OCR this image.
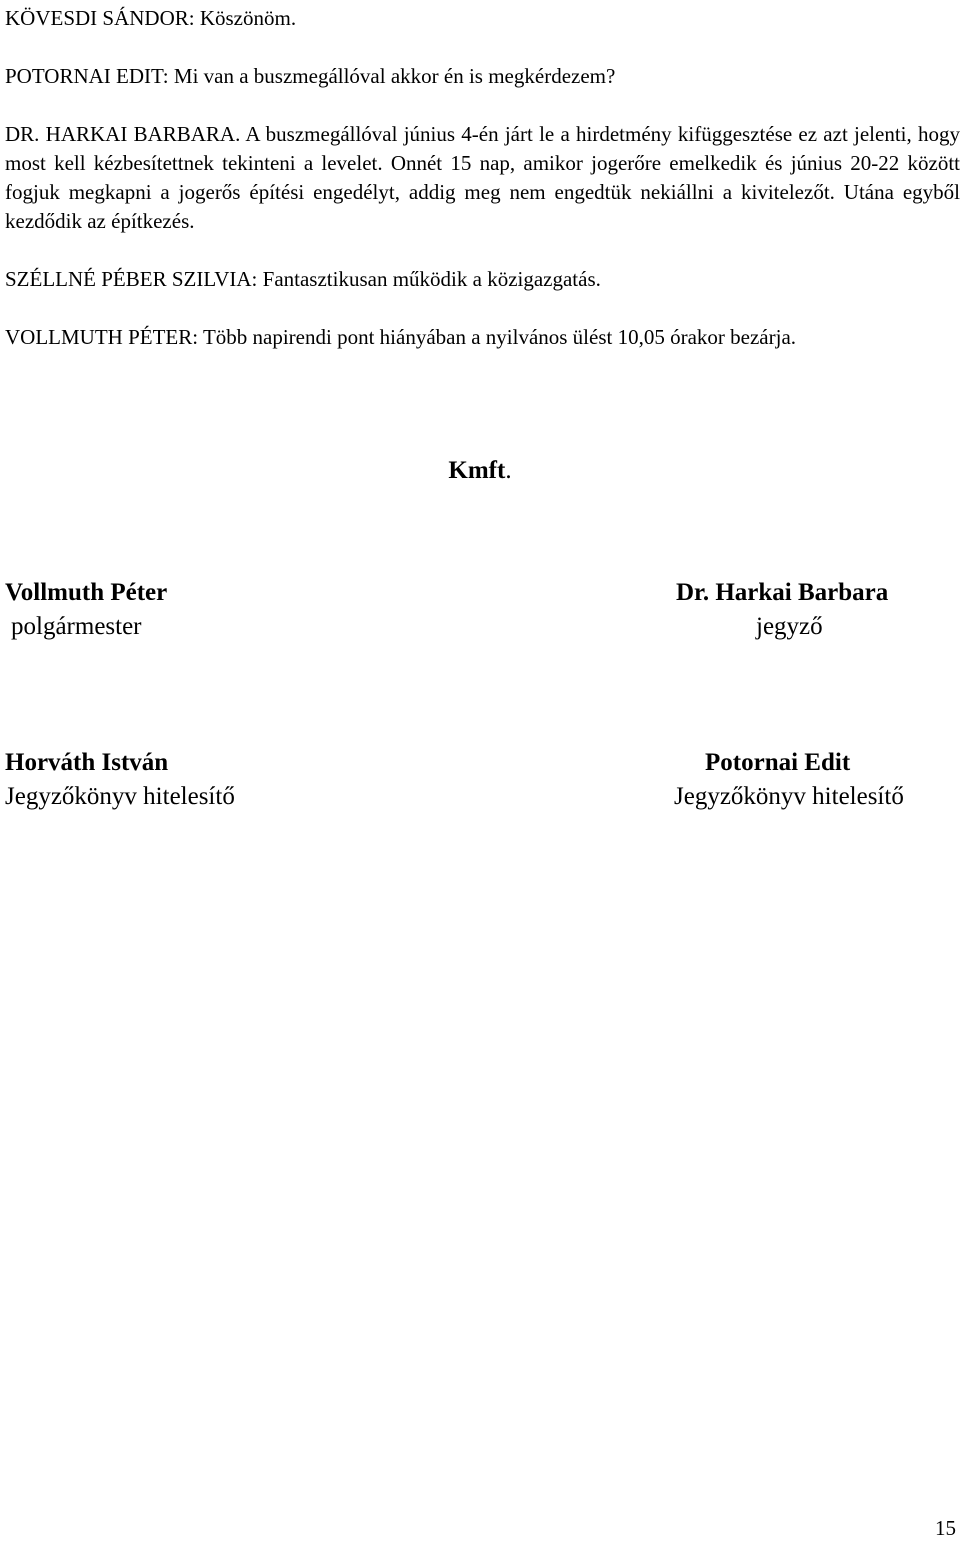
KÖVESDI SÁNDOR: Köszönöm.

POTORNAI EDIT: Mi van a buszmegállóval akkor én is megkérdezem?

DR. HARKAI BARBARA. A buszmegállóval június 4-én járt le a hirdetmény kifüggesztése ez azt jelenti, hogy most kell kézbesítettnek tekinteni a levelet. Onnét 15 nap, amikor jogerőre emelkedik és június 20-22 között fogjuk megkapni a jogerős építési engedélyt, addig meg nem engedtük nekiállni a kivitelezőt. Utána egyből kezdődik az építkezés.

SZÉLLNÉ PÉBER SZILVIA: Fantasztikusan működik a közigazgatás.

VOLLMUTH PÉTER: Több napirendi pont hiányában a nyilvános ülést 10,05 órakor bezárja.

Kmft.
Vollmuth Péter
polgármester
Dr. Harkai Barbara
jegyző
Horváth István
Jegyzőkönyv hitelesítő
Potornai Edit
Jegyzőkönyv hitelesítő
15
